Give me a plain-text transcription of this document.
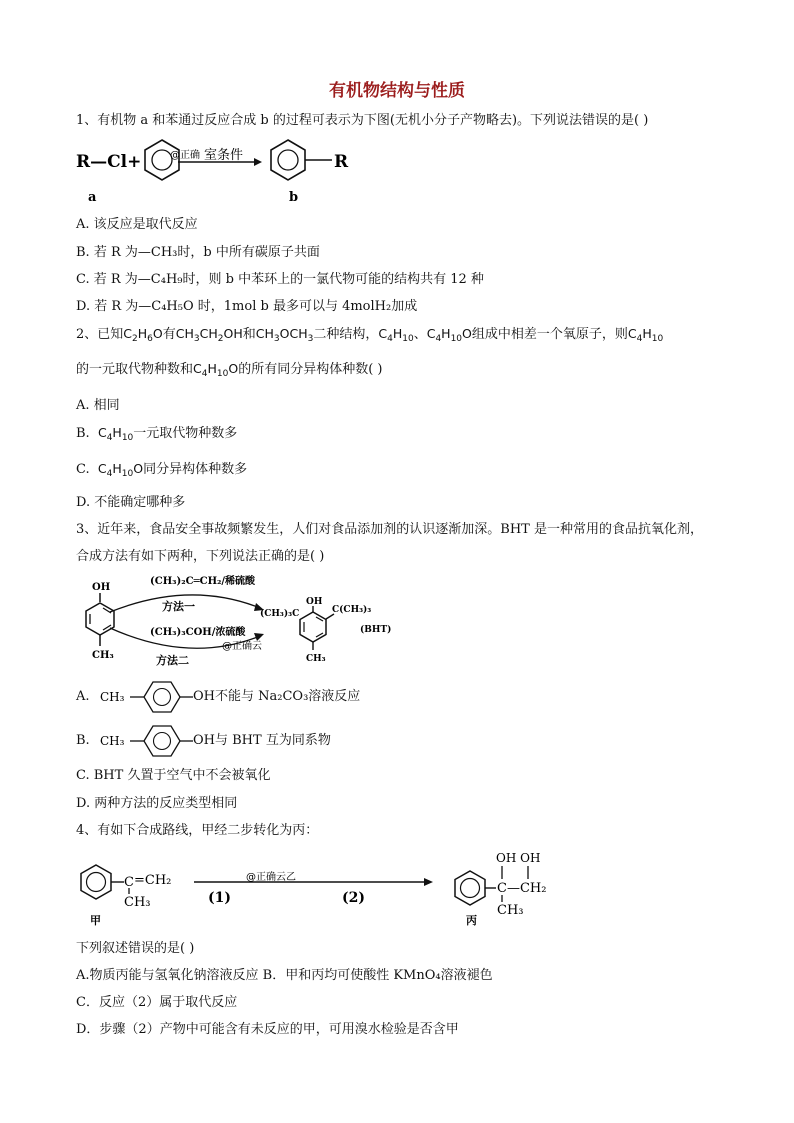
有机物结构与性质
1、有机物 a 和苯通过反应合成 b 的过程可表示为下图(无机小分子产物略去)。下列说法错误的是( )
R—Cl+	@正确 室条件	R
a	b
A. 该反应是取代反应
B. 若 R 为—CH₃时，b 中所有碳原子共面
C. 若 R 为—C₄H₉时，则 b 中苯环上的一氯代物可能的结构共有 12 种
D. 若 R 为—C₄H₅O 时，1mol b 最多可以与 4molH₂加成
2、已知$C_2H_6O$有$CH_3CH_2OH$和$CH_3OCH_3$二种结构，$C_4H_{10}$、$C_4H_{10}O$组成中相差一个氧原子，则$C_4H_{10}$
的一元取代物种数和$C_4H_{10}O$的所有同分异构体种数( )
A. 相同
B. $C_4H_{10}$一元取代物种数多
C. $C_4H_{10}O$同分异构体种数多
D. 不能确定哪种多
3、近年来，食品安全事故频繁发生，人们对食品添加剂的认识逐渐加深。BHT 是一种常用的食品抗氧化剂，
合成方法有如下两种，下列说法正确的是( )
OH
CH₃
(CH₃)₂C═CH₂/稀硫酸
方法一
(CH₃)₃COH/浓硫酸
方法二
@正确云
(CH₃)₃C
OH
C(CH₃)₃
CH₃
(BHT)
A. CH₃	OH不能与 Na₂CO₃溶液反应
B. CH₃	OH与 BHT 互为同系物
C. BHT 久置于空气中不会被氧化
D. 两种方法的反应类型相同
4、有如下合成路线，甲经二步转化为丙：
C =CH₂
CH₃
甲
(1)
@正确云乙
(2)
OH OH
C—CH₂
CH₃
丙
下列叙述错误的是( )
A.物质丙能与氢氧化钠溶液反应 B．甲和丙均可使酸性 KMnO₄溶液褪色
C．反应（2）属于取代反应
D．步骤（2）产物中可能含有未反应的甲，可用溴水检验是否含甲
